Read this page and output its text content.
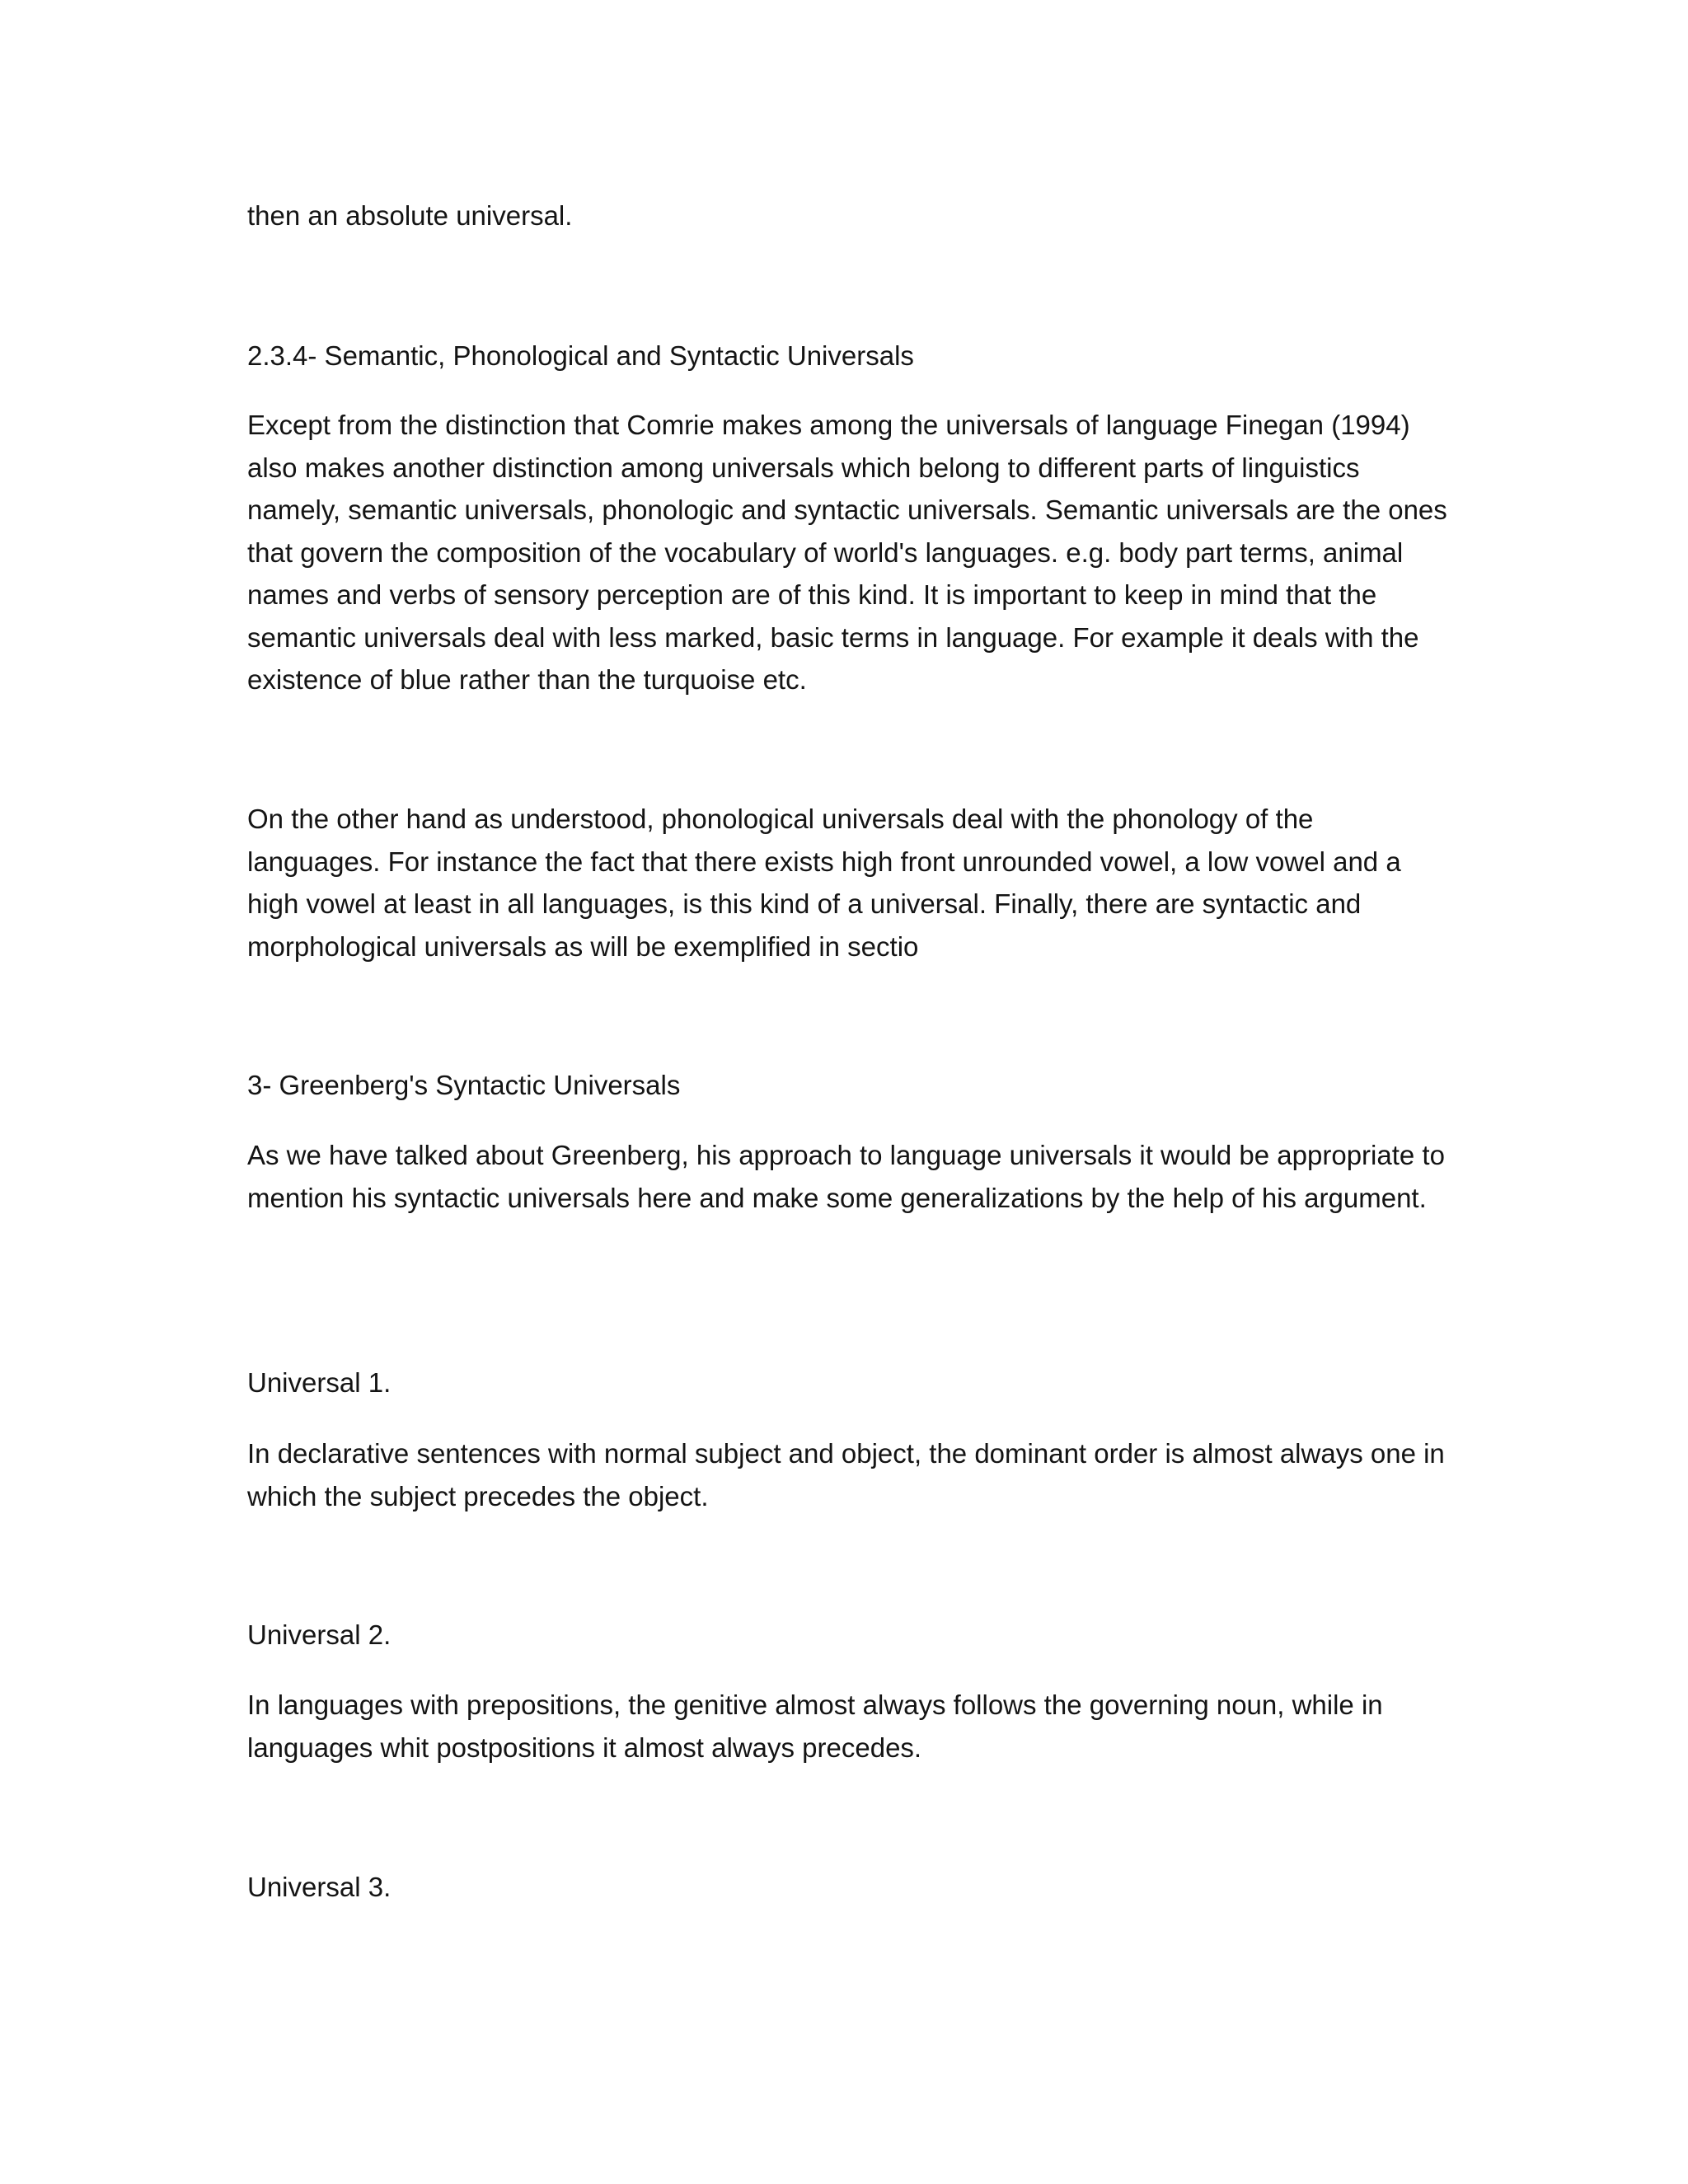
then an absolute universal.

2.3.4- Semantic, Phonological and Syntactic Universals

Except from the distinction that Comrie makes among the universals of language Finegan (1994) also makes another distinction among universals which belong to different parts of linguistics namely, semantic universals, phonologic and syntactic universals. Semantic universals are the ones that govern the composition of the vocabulary of world's languages. e.g. body part terms, animal names and verbs of sensory perception are of this kind. It is important to keep in mind that the semantic universals deal with less marked, basic terms in language. For example it deals with the existence of blue rather than the turquoise etc.

On the other hand as understood, phonological universals deal with the phonology of the languages. For instance the fact that there exists high front unrounded vowel, a low vowel and a high vowel at least in all languages, is this kind of a universal. Finally, there are syntactic and morphological universals as will be exemplified in sectio

3- Greenberg's Syntactic Universals

As we have talked about Greenberg, his approach to language universals it would be appropriate to mention his syntactic universals here and make some generalizations by the help of his argument.

Universal 1.

In declarative sentences with normal subject and object, the dominant order is almost always one in which the subject precedes the object.

Universal 2.

In languages with prepositions, the genitive almost always follows the governing noun, while in languages whit postpositions it almost always precedes.

Universal 3.
